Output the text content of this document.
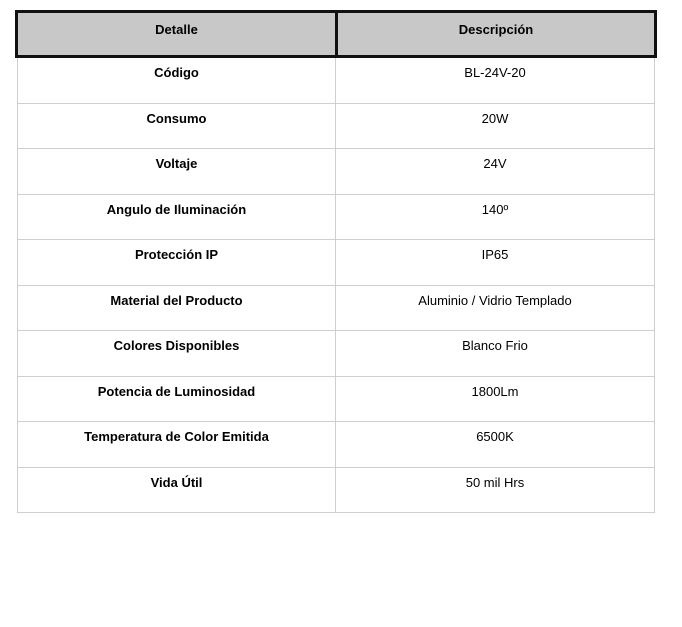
Detalle	Descripción
Código	BL-24V-20
Consumo	20W
Voltaje	24V
Angulo de Iluminación	140º
Protección IP	IP65
Material del Producto	Aluminio / Vidrio Templado
Colores Disponibles	Blanco Frio
Potencia de Luminosidad	1800Lm
Temperatura de Color Emitida	6500K
Vida Útil	50 mil Hrs
